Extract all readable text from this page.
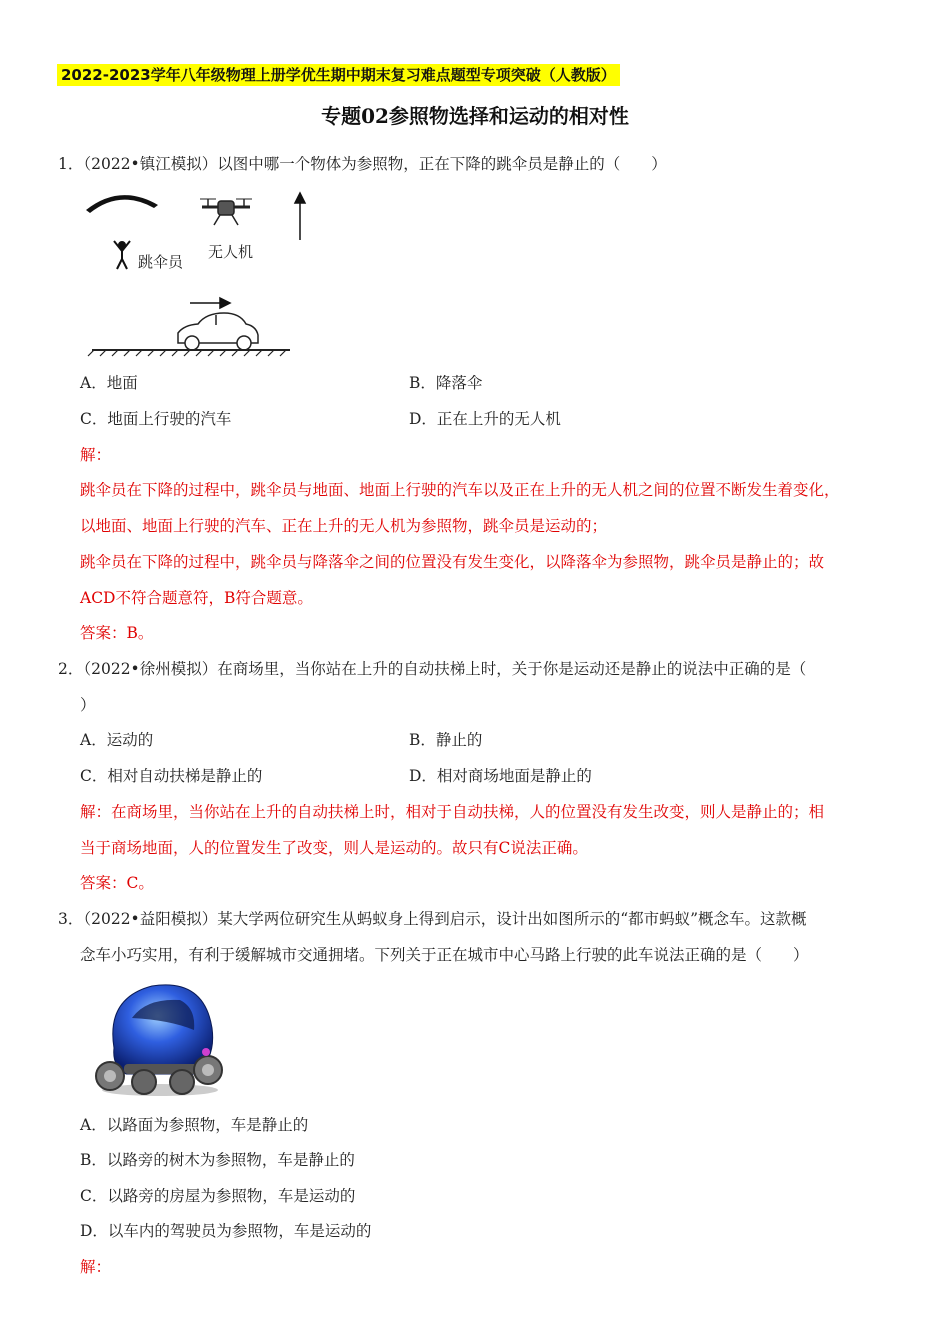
2022-2023学年八年级物理上册学优生期中期末复习难点题型专项突破（人教版）
专题02参照物选择和运动的相对性
1．（2022•镇江模拟）以图中哪一个物体为参照物，正在下降的跳伞员是静止的（　　）
跳伞员
无人机
A．地面	B．降落伞
C．地面上行驶的汽车	D．正在上升的无人机
解：
跳伞员在下降的过程中，跳伞员与地面、地面上行驶的汽车以及正在上升的无人机之间的位置不断发生着变化，
以地面、地面上行驶的汽车、正在上升的无人机为参照物，跳伞员是运动的；
跳伞员在下降的过程中，跳伞员与降落伞之间的位置没有发生变化，以降落伞为参照物，跳伞员是静止的；故
ACD不符合题意符，B符合题意。
答案：B。
2．（2022•徐州模拟）在商场里，当你站在上升的自动扶梯上时，关于你是运动还是静止的说法中正确的是（
）
A．运动的	B．静止的
C．相对自动扶梯是静止的	D．相对商场地面是静止的
解：在商场里，当你站在上升的自动扶梯上时，相对于自动扶梯，人的位置没有发生改变，则人是静止的；相
当于商场地面，人的位置发生了改变，则人是运动的。故只有C说法正确。
答案：C。
3．（2022•益阳模拟）某大学两位研究生从蚂蚁身上得到启示，设计出如图所示的“都市蚂蚁”概念车。这款概
念车小巧实用，有利于缓解城市交通拥堵。下列关于正在城市中心马路上行驶的此车说法正确的是（　　）
A．以路面为参照物，车是静止的
B．以路旁的树木为参照物，车是静止的
C．以路旁的房屋为参照物，车是运动的
D．以车内的驾驶员为参照物，车是运动的
解：
